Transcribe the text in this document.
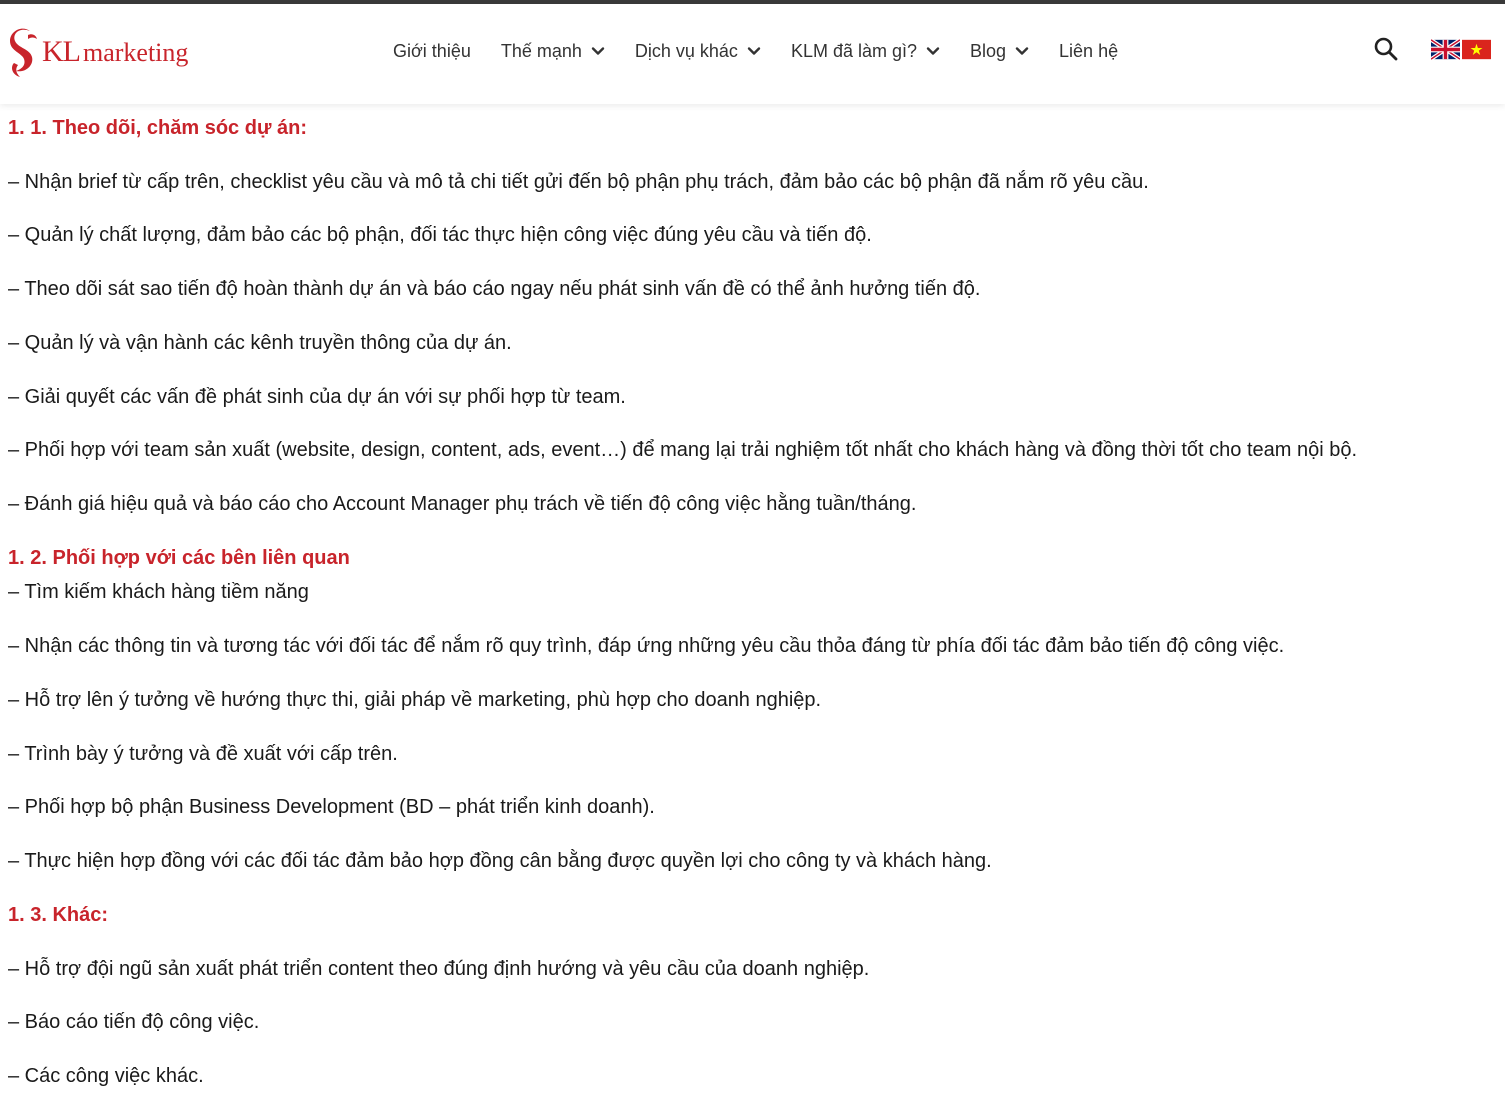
KL marketing	Giới thiệu Thế mạnh	Dịch vụ khác	KLM đã làm gì?	Blog	Liên hệ
1. 1. Theo dõi, chăm sóc dự án:
– Nhận brief từ cấp trên, checklist yêu cầu và mô tả chi tiết gửi đến bộ phận phụ trách, đảm bảo các bộ phận đã nắm rõ yêu cầu.
– Quản lý chất lượng, đảm bảo các bộ phận, đối tác thực hiện công việc đúng yêu cầu và tiến độ.
– Theo dõi sát sao tiến độ hoàn thành dự án và báo cáo ngay nếu phát sinh vấn đề có thể ảnh hưởng tiến độ.
– Quản lý và vận hành các kênh truyền thông của dự án.
– Giải quyết các vấn đề phát sinh của dự án với sự phối hợp từ team.
– Phối hợp với team sản xuất (website, design, content, ads, event…) để mang lại trải nghiệm tốt nhất cho khách hàng và đồng thời tốt cho team nội bộ.
– Đánh giá hiệu quả và báo cáo cho Account Manager phụ trách về tiến độ công việc hằng tuần/tháng.
1. 2. Phối hợp với các bên liên quan
– Tìm kiếm khách hàng tiềm năng
– Nhận các thông tin và tương tác với đối tác để nắm rõ quy trình, đáp ứng những yêu cầu thỏa đáng từ phía đối tác đảm bảo tiến độ công việc.
– Hỗ trợ lên ý tưởng về hướng thực thi, giải pháp về marketing, phù hợp cho doanh nghiệp.
– Trình bày ý tưởng và đề xuất với cấp trên.
– Phối hợp bộ phận Business Development (BD – phát triển kinh doanh).
– Thực hiện hợp đồng với các đối tác đảm bảo hợp đồng cân bằng được quyền lợi cho công ty và khách hàng.
1. 3. Khác:
– Hỗ trợ đội ngũ sản xuất phát triển content theo đúng định hướng và yêu cầu của doanh nghiệp.
– Báo cáo tiến độ công việc.
– Các công việc khác.
